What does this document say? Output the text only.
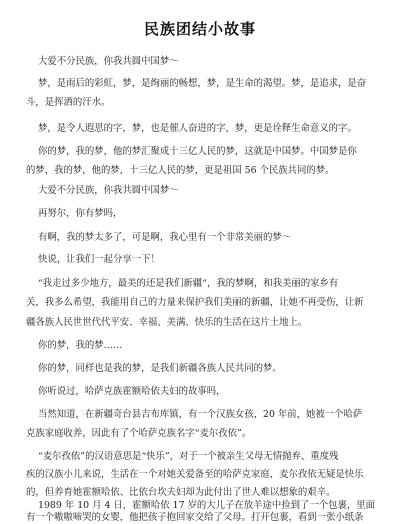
民族团结小故事
大爱不分民族，你我共圆中国梦～
梦，是雨后的彩虹，梦，是绚丽的畅想，梦，是生命的渴望。梦，是追求，是奋
斗，是挥洒的汗水。
梦，是令人遐思的字，梦，也是催人奋进的字，梦，更是诠释生命意义的字。
你的梦，我的梦，他的梦汇聚成十三亿人民的梦，这就是中国梦。中国梦是你
的梦，我的梦，他的梦，十三亿人民的梦，更是祖国 56 个民族共同的梦。
大爱不分民族，你我共圆中国梦～
再努尔，你有梦吗，
有啊，我的梦太多了，可是啊，我心里有一个非常美丽的梦～
快说，让我们一起分享一下！
“我走过多少地方，最美的还是我们新疆“，我的梦啊，和我美丽的家乡有
关，我多么希望，我能用自己的力量来保护我们美丽的新疆，让她不再受伤，让新
疆各族人民世世代代平安、幸福、美满、快乐的生活在这片土地上。
你的梦，我的梦……
你的梦，同样也是我的梦，是我们新疆各族人民共同的梦。
你听说过，哈萨克族霍额哈依夫妇的故事吗，
当然知道，在新疆奇台县吉布库镇，有一个汉族女孩，20 年前，她被一个哈萨
克族家庭收养，因此有了个哈萨克族名字“麦尔孜依”。
“麦尔孜依”的汉语意思是“快乐”，对于一个被亲生父母无情抛弃、重度残
疾的汉族小儿来说，生活在一个对她关爱备至的哈萨克家庭，麦尔孜依无疑是快乐
的，但养育她霍额哈依、比依台坎夫妇却为此付出了世人难以想象的艰辛。
1989 年 10 月 4 日，霍额哈依 17 岁的大儿子在放羊途中捡到了一个包裹，里面
有一个嗷嗷啼哭的女婴，他把孩子抱回家交给了父母。打开包裹，看到一张小纸条
